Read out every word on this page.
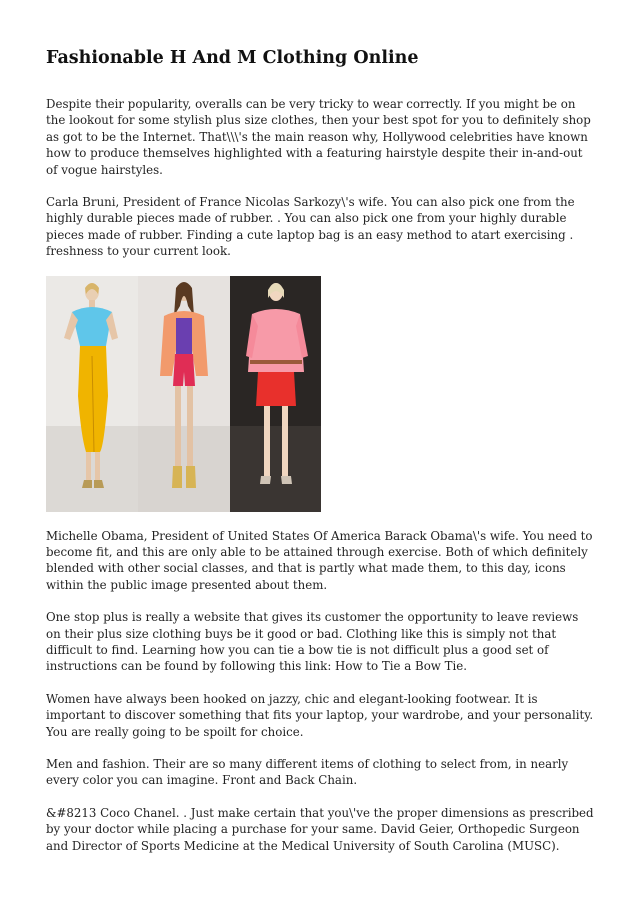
Fashionable H And M Clothing Online

Despite their popularity, overalls can be very tricky to wear correctly. If you might be on the lookout for some stylish plus size clothes, then your best spot for you to definitely shop as got to be the Internet. That\\\'s the main reason why, Hollywood celebrities have known how to produce themselves highlighted with a featuring hairstyle despite their in-and-out of vogue hairstyles.

Carla Bruni, President of France Nicolas Sarkozy\'s wife. You can also pick one from the highly durable pieces made of rubber. . You can also pick one from your highly durable pieces made of rubber. Finding a cute laptop bag is an easy method to atart exercising . freshness to your current look.

Michelle Obama, President of United States Of America Barack Obama\'s wife. You need to become fit, and this are only able to be attained through exercise. Both of which definitely blended with other social classes, and that is partly what made them, to this day, icons within the public image presented about them.

One stop plus is really a website that gives its customer the opportunity to leave reviews on their plus size clothing buys be it good or bad. Clothing like this is simply not that difficult to find. Learning how you can tie a bow tie is not difficult plus a good set of instructions can be found by following this link: How to Tie a Bow Tie.

Women have always been hooked on jazzy, chic and elegant-looking footwear. It is important to discover something that fits your laptop, your wardrobe, and your personality. You are really going to be spoilt for choice.

Men and fashion. Their are so many different items of clothing to select from, in nearly every color you can imagine. Front and Back Chain.

&#8213 Coco Chanel. . Just make certain that you\'ve the proper dimensions as prescribed by your doctor while placing a purchase for your same. David Geier, Orthopedic Surgeon and Director of Sports Medicine at the Medical University of South Carolina (MUSC).
